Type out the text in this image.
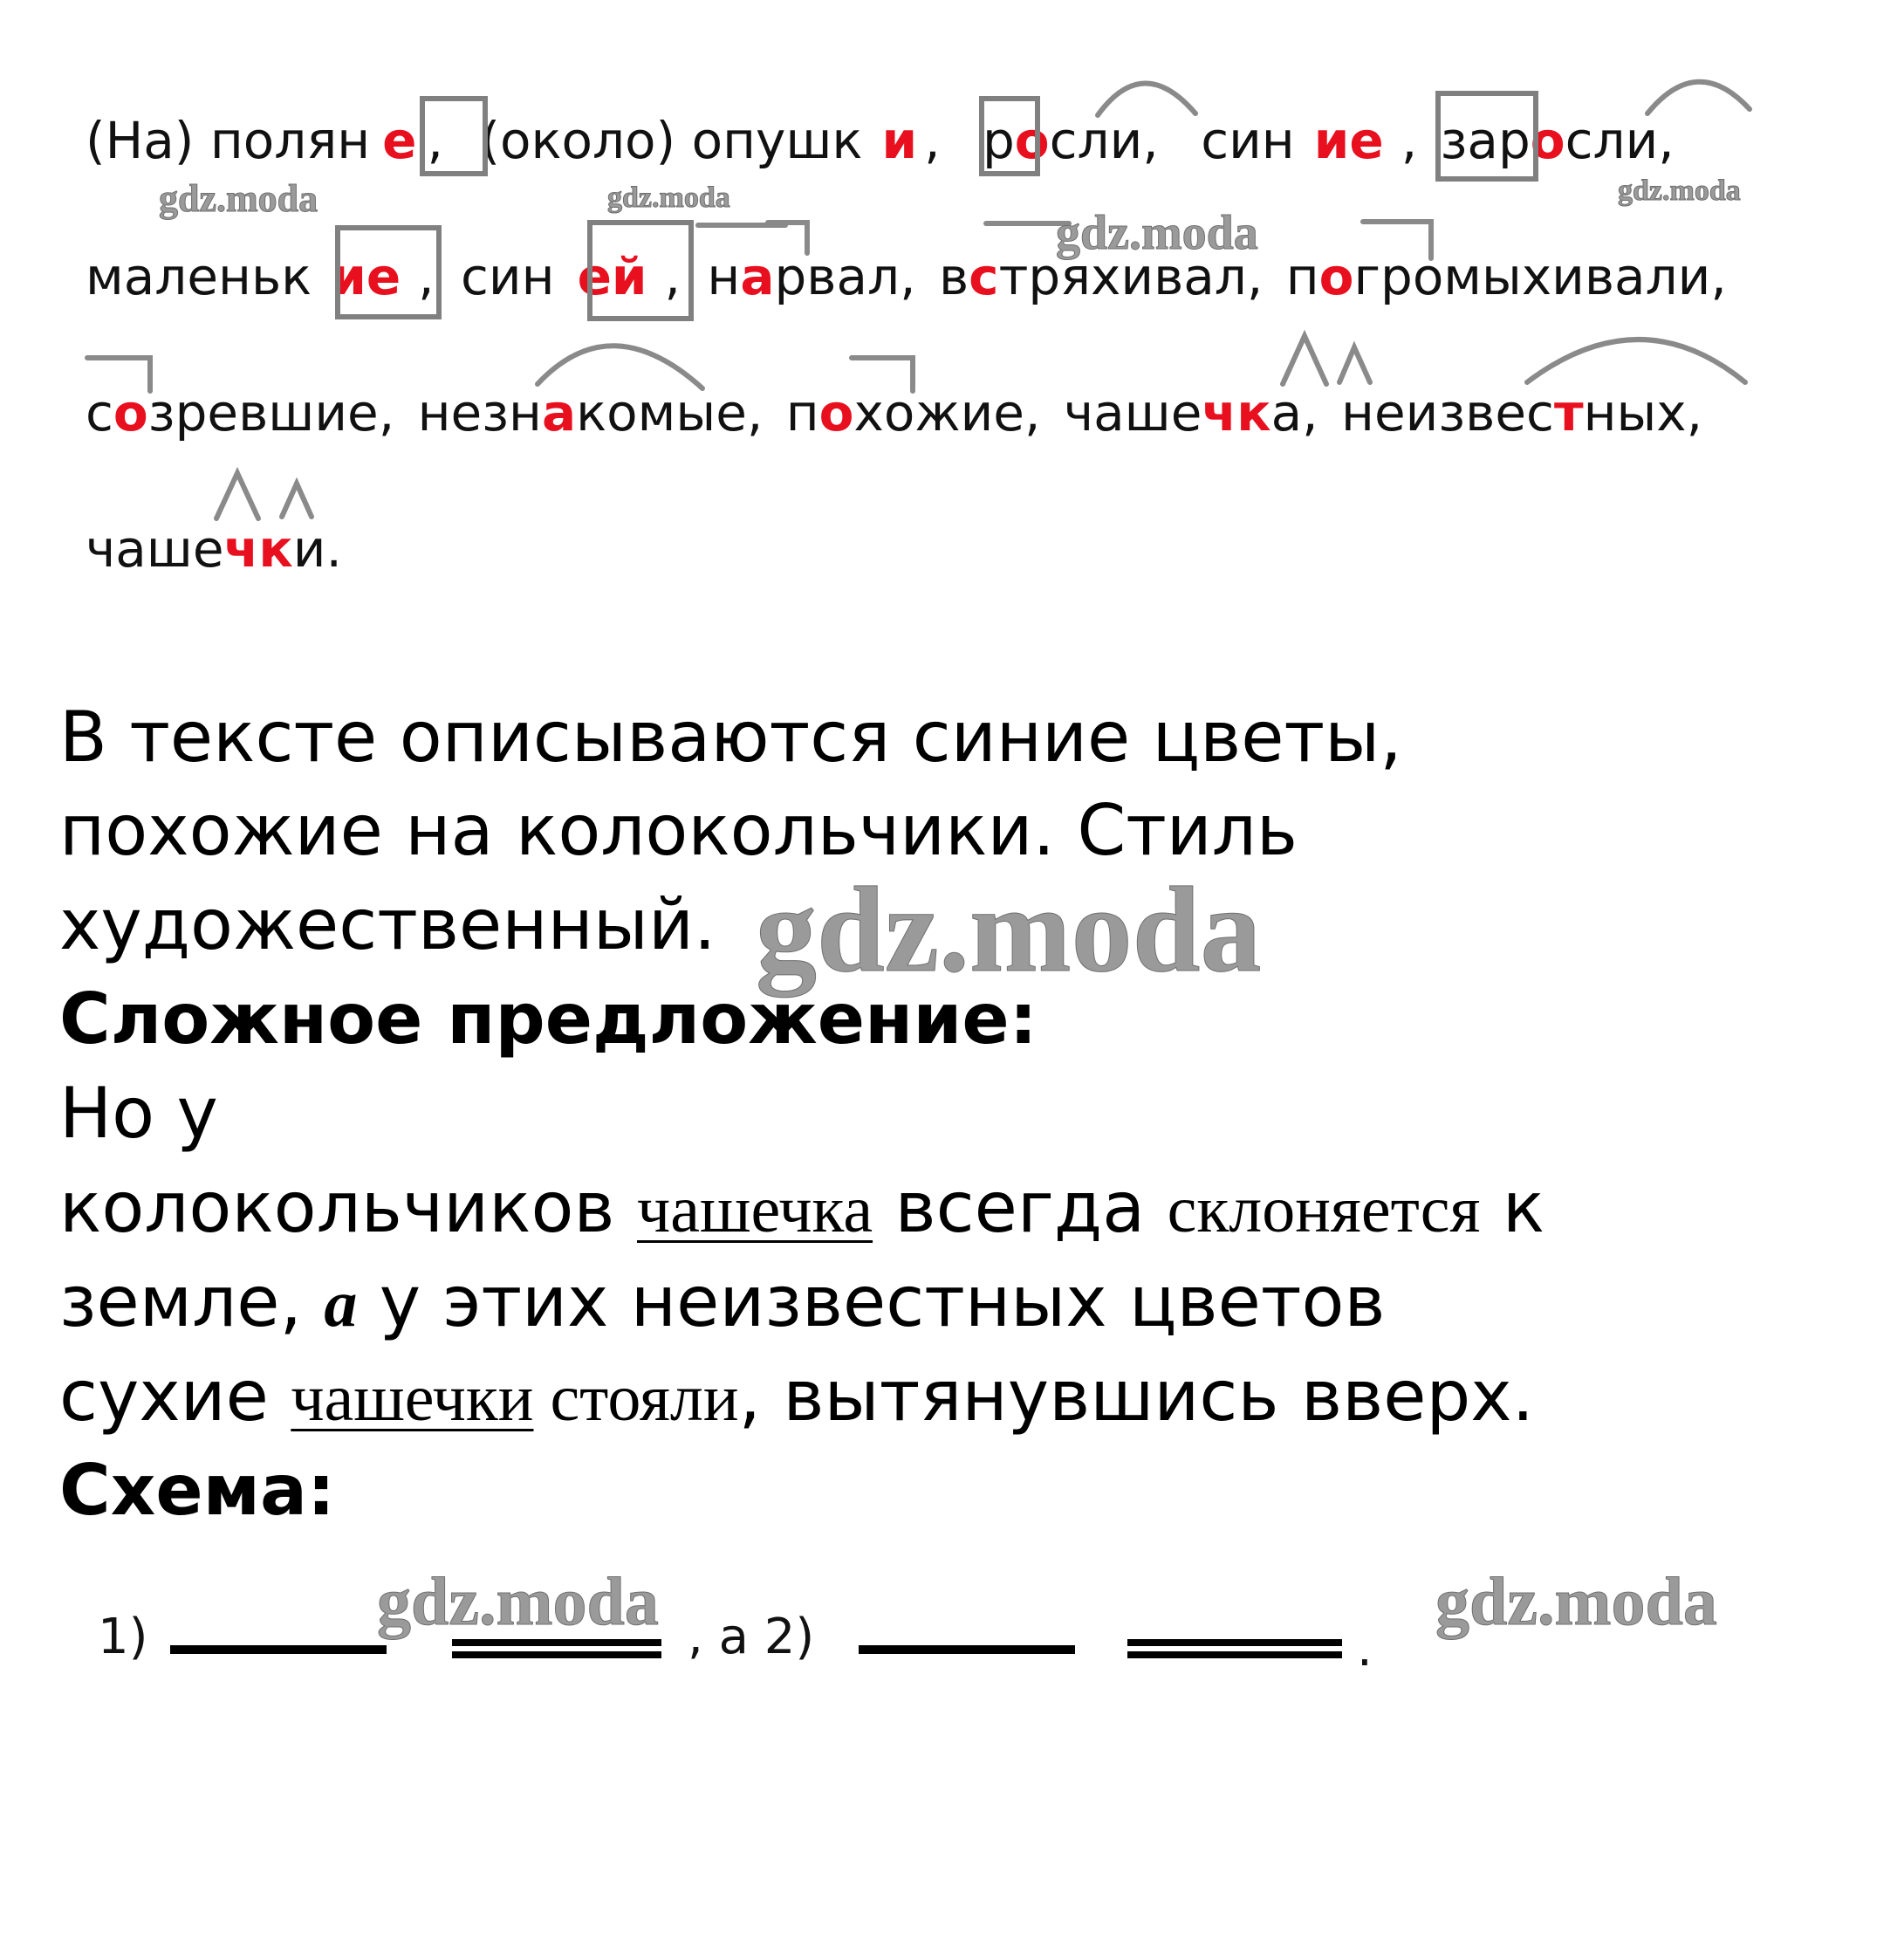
(На) полян е , (около) опушк и , росли, син ие , заросли,
маленьк ие , син ей , нарвал, встряхивал, погромыхивали,
созревшие, незнакомые, похожие, чашечка, неизвестных,
чашечки.
gdz.moda	gdz.moda
gdz.moda
gdz.moda
В тексте описываются синие цветы,
похожие на колокольчики. Стиль
художественный. gdz.moda
Сложное предложение:
Но у
колокольчиков чашечка всегда склоняется к
земле, а у этих неизвестных цветов
сухие чашечки стояли, вытянувшись вверх.
Схема:
1)	, а 2)	.
gdz.moda	gdz.moda
